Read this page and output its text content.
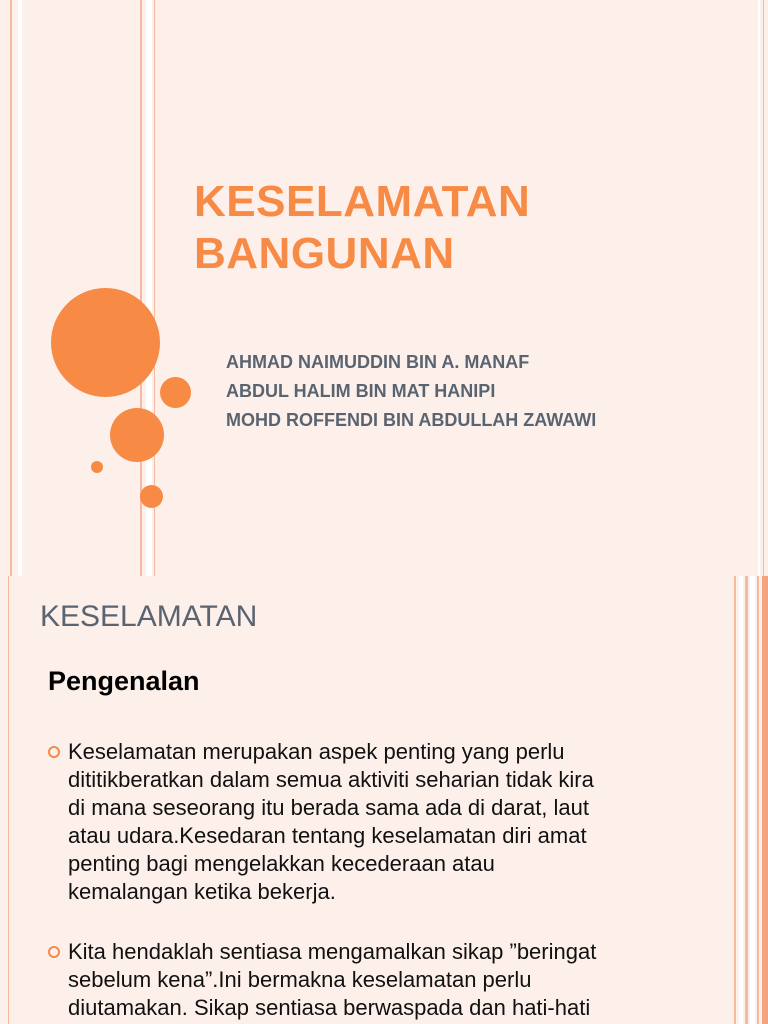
KESELAMATAN
BANGUNAN
AHMAD NAIMUDDIN BIN A. MANAF
ABDUL HALIM BIN MAT HANIPI
MOHD ROFFENDI BIN ABDULLAH ZAWAWI
KESELAMATAN
Pengenalan
Keselamatan merupakan aspek penting yang perlu
dititikberatkan dalam semua aktiviti seharian tidak kira
di mana seseorang itu berada sama ada di darat, laut
atau udara.Kesedaran tentang keselamatan diri amat
penting bagi mengelakkan kecederaan atau
kemalangan ketika bekerja.
Kita hendaklah sentiasa mengamalkan sikap ”beringat
sebelum kena”.Ini bermakna keselamatan perlu
diutamakan. Sikap sentiasa berwaspada dan hati-hati
